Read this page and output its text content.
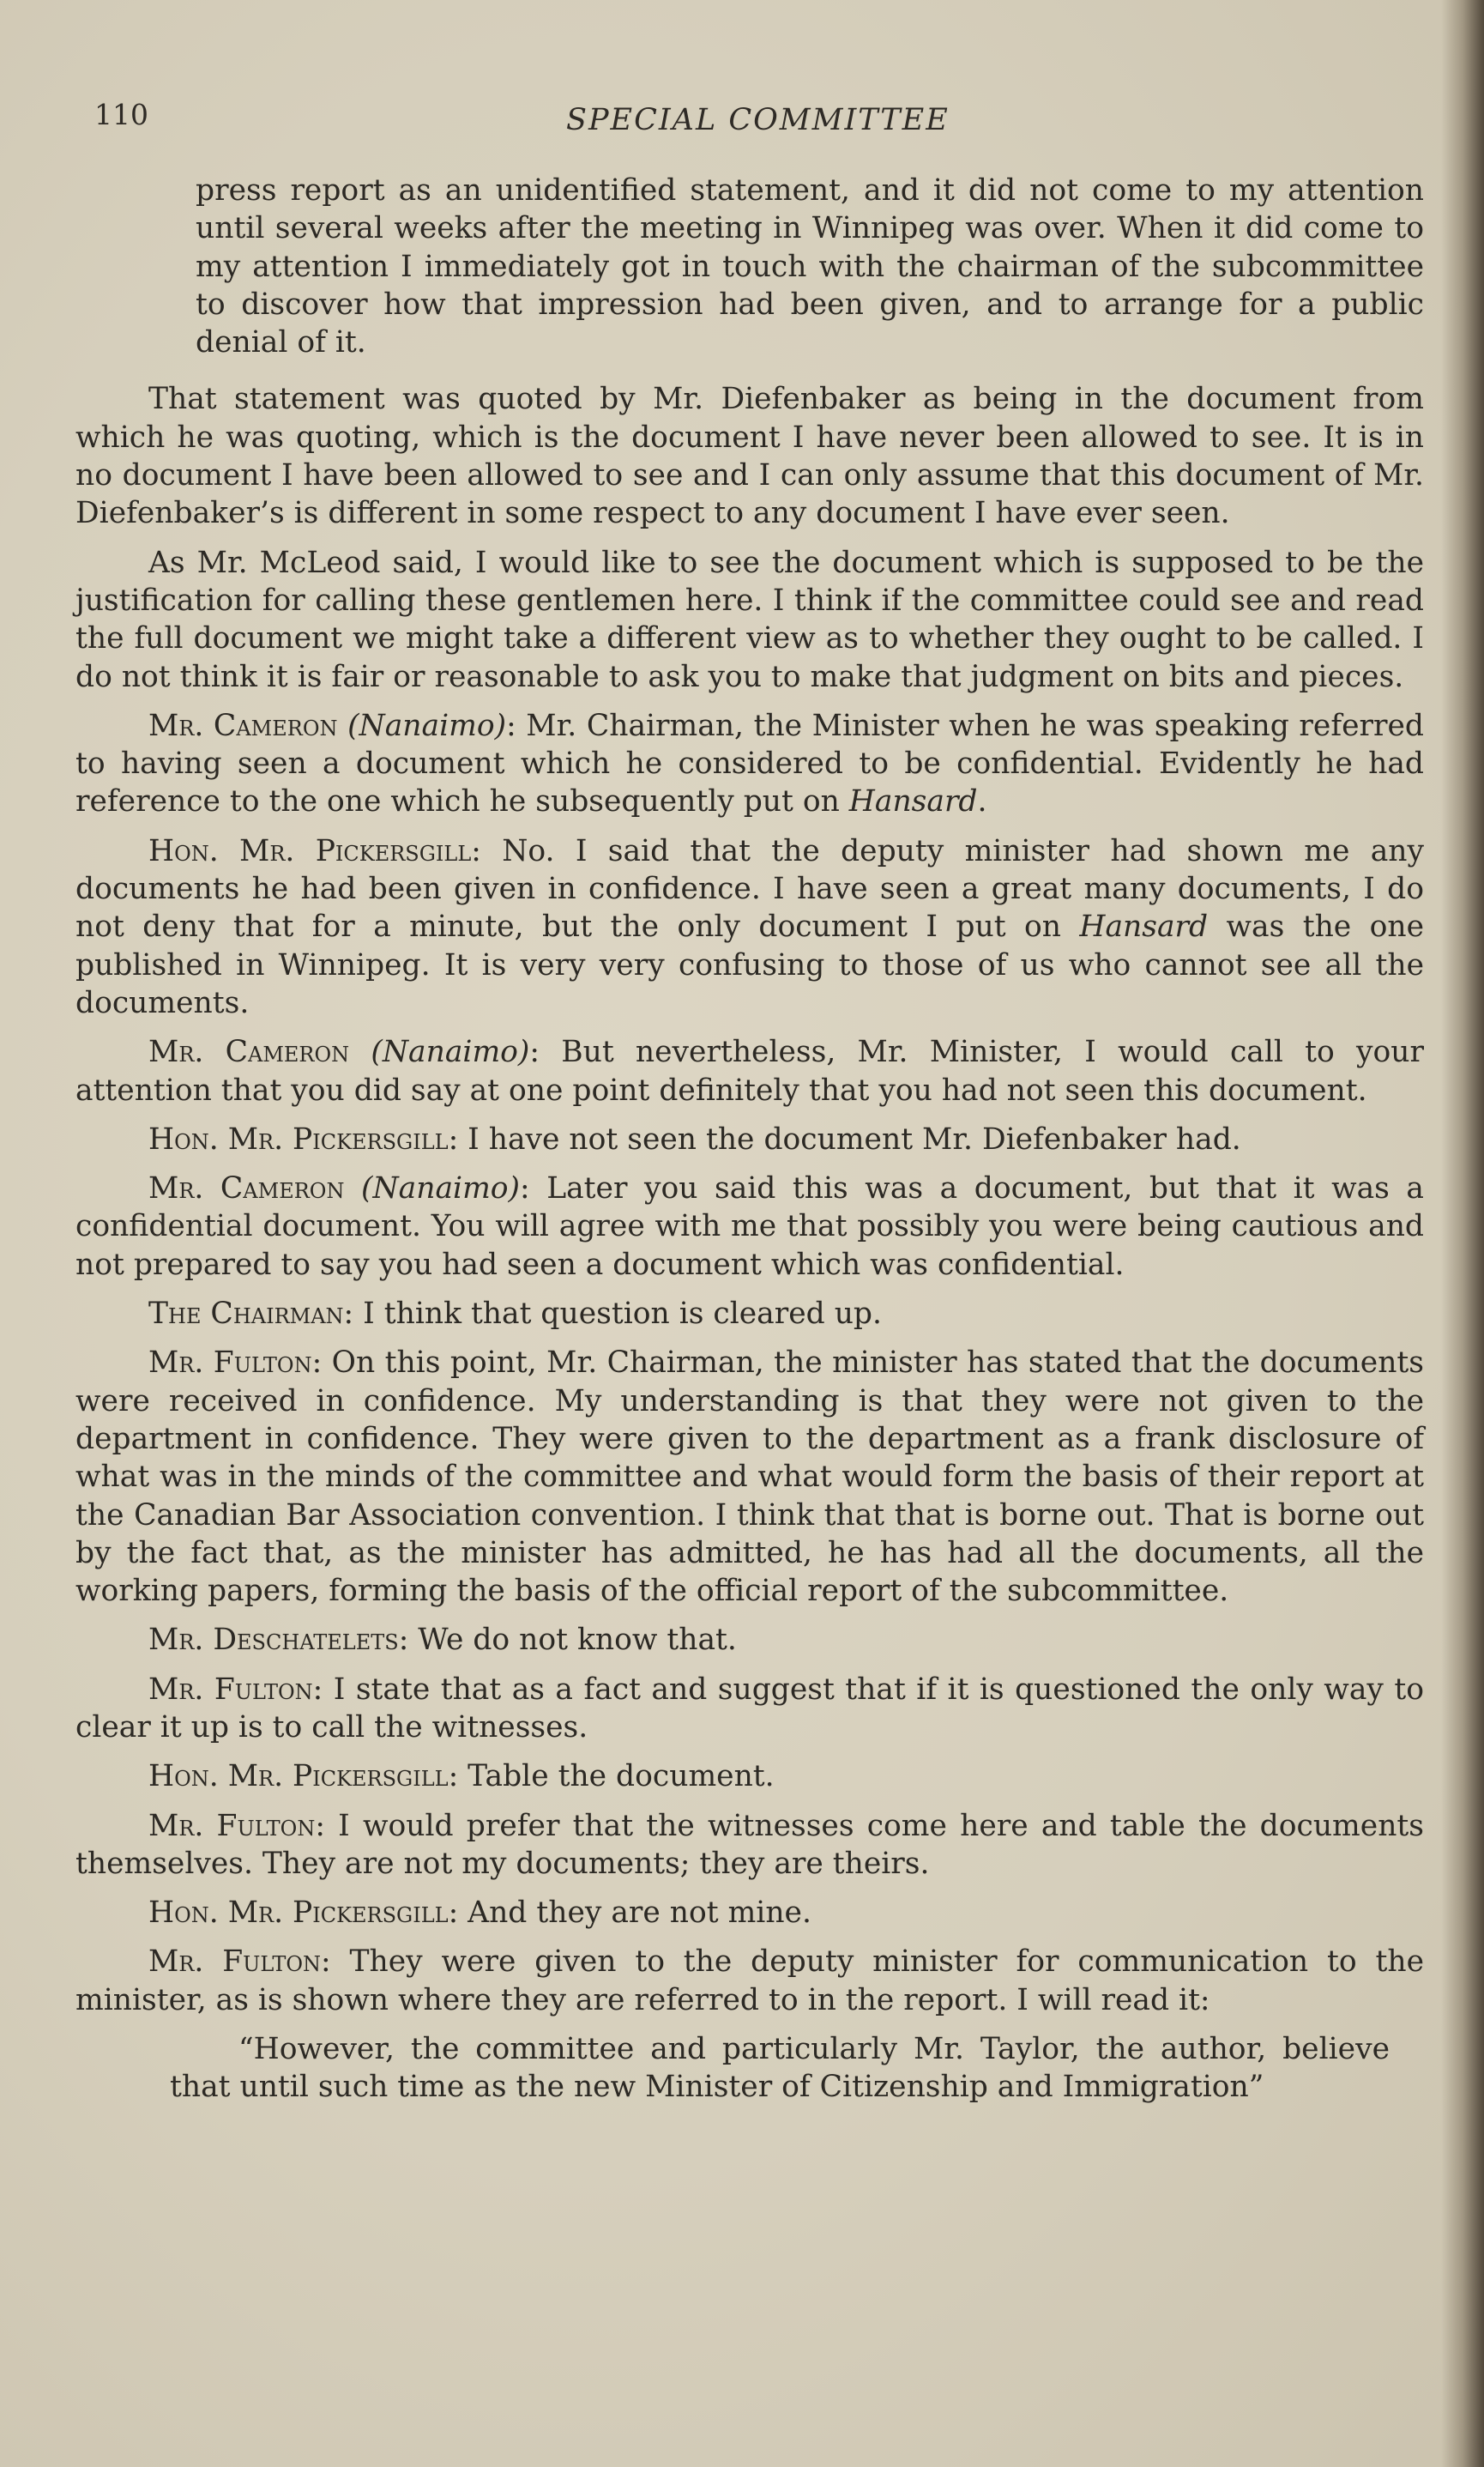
110	SPECIAL COMMITTEE

press report as an unidentified statement, and it did not come to my attention until several weeks after the meeting in Winnipeg was over. When it did come to my attention I immediately got in touch with the chairman of the subcommittee to discover how that impression had been given, and to arrange for a public denial of it.

That statement was quoted by Mr. Diefenbaker as being in the document from which he was quoting, which is the document I have never been allowed to see. It is in no document I have been allowed to see and I can only assume that this document of Mr. Diefenbaker’s is different in some respect to any document I have ever seen.

As Mr. McLeod said, I would like to see the document which is supposed to be the justification for calling these gentlemen here. I think if the committee could see and read the full document we might take a different view as to whether they ought to be called. I do not think it is fair or reasonable to ask you to make that judgment on bits and pieces.

Mr. Cameron (Nanaimo): Mr. Chairman, the Minister when he was speaking referred to having seen a document which he considered to be confidential. Evidently he had reference to the one which he subsequently put on Hansard.

Hon. Mr. Pickersgill: No. I said that the deputy minister had shown me any documents he had been given in confidence. I have seen a great many documents, I do not deny that for a minute, but the only document I put on Hansard was the one published in Winnipeg. It is very very confusing to those of us who cannot see all the documents.

Mr. Cameron (Nanaimo): But nevertheless, Mr. Minister, I would call to your attention that you did say at one point definitely that you had not seen this document.

Hon. Mr. Pickersgill: I have not seen the document Mr. Diefenbaker had.

Mr. Cameron (Nanaimo): Later you said this was a document, but that it was a confidential document. You will agree with me that possibly you were being cautious and not prepared to say you had seen a document which was confidential.

The Chairman: I think that question is cleared up.

Mr. Fulton: On this point, Mr. Chairman, the minister has stated that the documents were received in confidence. My understanding is that they were not given to the department in confidence. They were given to the department as a frank disclosure of what was in the minds of the committee and what would form the basis of their report at the Canadian Bar Association convention. I think that that is borne out. That is borne out by the fact that, as the minister has admitted, he has had all the documents, all the working papers, forming the basis of the official report of the subcommittee.

Mr. Deschatelets: We do not know that.

Mr. Fulton: I state that as a fact and suggest that if it is questioned the only way to clear it up is to call the witnesses.

Hon. Mr. Pickersgill: Table the document.

Mr. Fulton: I would prefer that the witnesses come here and table the documents themselves. They are not my documents; they are theirs.

Hon. Mr. Pickersgill: And they are not mine.

Mr. Fulton: They were given to the deputy minister for communication to the minister, as is shown where they are referred to in the report. I will read it:

“However, the committee and particularly Mr. Taylor, the author, believe that until such time as the new Minister of Citizenship and Immigration”
